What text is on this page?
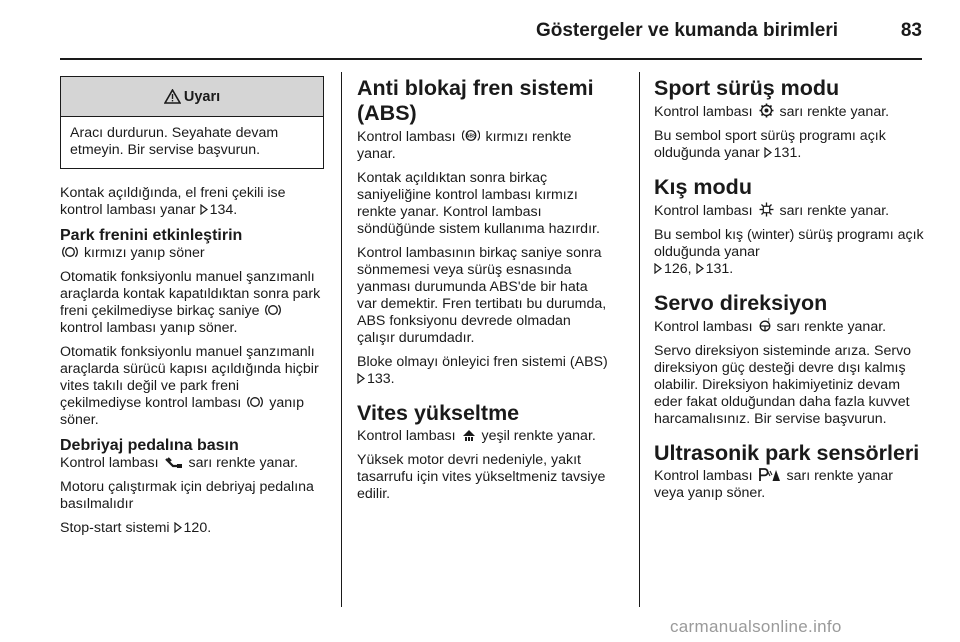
Göstergeler ve kumanda birimleri	83
Uyarı
Aracı durdurun. Seyahate devam etmeyin. Bir servise başvurun.

Kontak açıldığında, el freni çekili ise kontrol lambası yanar 134.

Park frenini etkinleştirin

kırmızı yanıp söner

Otomatik fonksiyonlu manuel şanzımanlı araçlarda kontak kapatıldıktan sonra park freni çekilmediyse birkaç saniye kontrol lambası yanıp söner.

Otomatik fonksiyonlu manuel şanzımanlı araçlarda sürücü kapısı açıldığında hiçbir vites takılı değil ve park freni çekilmediyse kontrol lambası yanıp söner.

Debriyaj pedalına basın

Kontrol lambası sarı renkte yanar.

Motoru çalıştırmak için debriyaj pedalına basılmalıdır

Stop-start sistemi 120.

Anti blokaj fren sistemi (ABS)

Kontrol lambası ABS kırmızı renkte yanar.

Kontak açıldıktan sonra birkaç saniyeliğine kontrol lambası kırmızı renkte yanar. Kontrol lambası söndüğünde sistem kullanıma hazırdır.

Kontrol lambasının birkaç saniye sonra sönmemesi veya sürüş esnasında yanması durumunda ABS'de bir hata var demektir. Fren tertibatı bu durumda, ABS fonksiyonu devrede olmadan çalışır durumdadır.

Bloke olmayı önleyici fren sistemi (ABS) 133.

Vites yükseltme

Kontrol lambası yeşil renkte yanar.

Yüksek motor devri nedeniyle, yakıt tasarrufu için vites yükseltmeniz tavsiye edilir.

Sport sürüş modu

Kontrol lambası sarı renkte yanar.

Bu sembol sport sürüş programı açık olduğunda yanar 131.

Kış modu

Kontrol lambası sarı renkte yanar.

Bu sembol kış (winter) sürüş programı açık olduğunda yanar
126, 131.

Servo direksiyon

Kontrol lambası	! sarı renkte yanar.

Servo direksiyon sisteminde arıza. Servo direksiyon güç desteği devre dışı kalmış olabilir. Direksiyon hakimiyetiniz devam eder fakat olduğundan daha fazla kuvvet harcamalısınız. Bir servise başvurun.

Ultrasonik park sensörleri

Kontrol lambası sarı renkte yanar veya yanıp söner.

carmanualsonline.info
